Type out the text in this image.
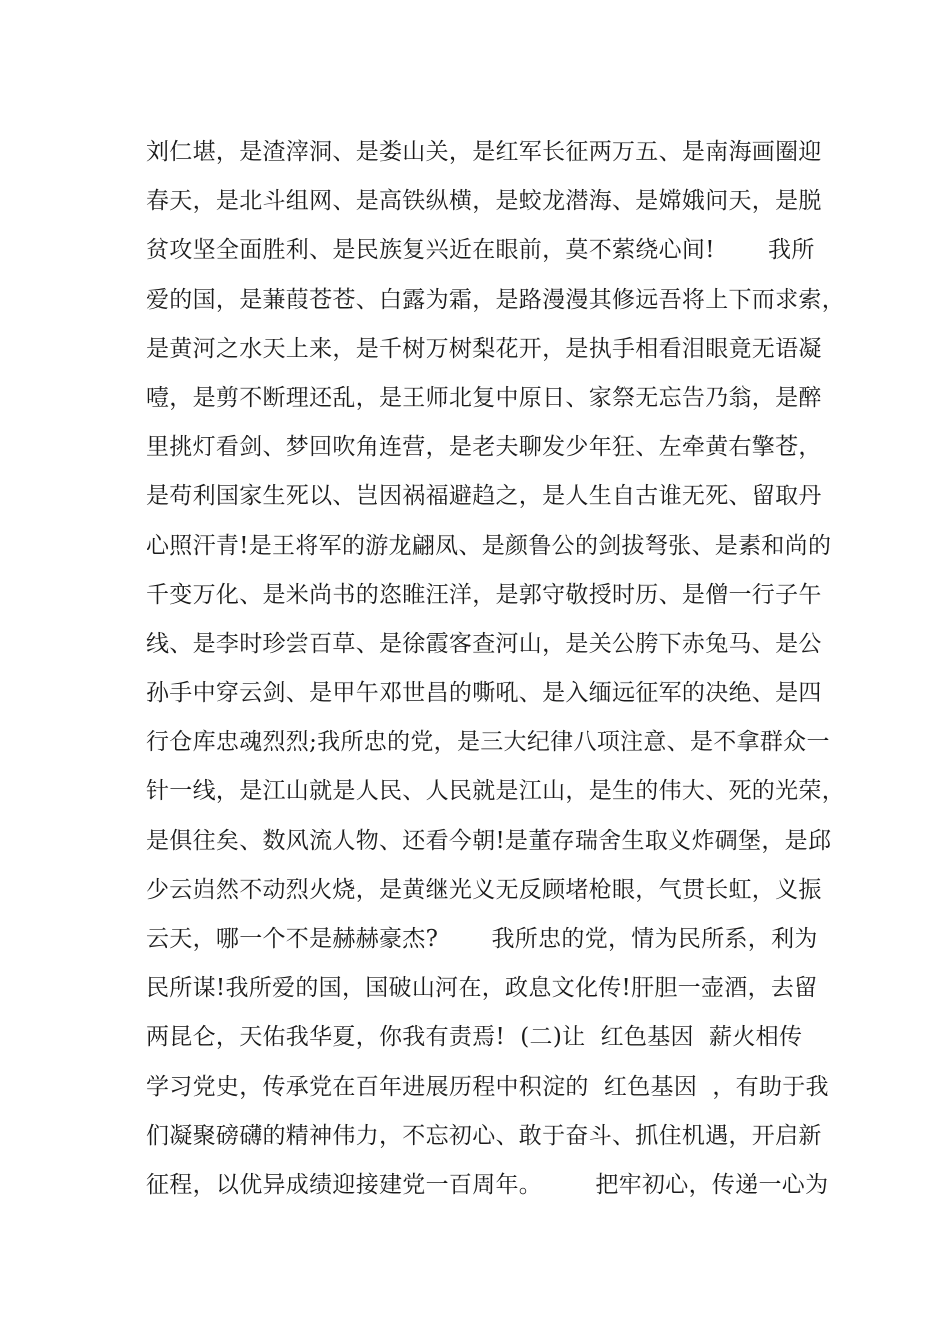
刘仁堪，是渣滓洞、是娄山关，是红军长征两万五、是南海画圈迎
春天，是北斗组网、是高铁纵横，是蛟龙潜海、是嫦娥问天，是脱
贫攻坚全面胜利、是民族复兴近在眼前，莫不萦绕心间!       我所
爱的国，是蒹葭苍苍、白露为霜，是路漫漫其修远吾将上下而求索，
是黄河之水天上来，是千树万树梨花开，是执手相看泪眼竟无语凝
噎，是剪不断理还乱，是王师北复中原日、家祭无忘告乃翁，是醉
里挑灯看剑、梦回吹角连营，是老夫聊发少年狂、左牵黄右擎苍，
是苟利国家生死以、岂因祸福避趋之，是人生自古谁无死、留取丹
心照汗青!是王将军的游龙翩凤、是颜鲁公的剑拔弩张、是素和尚的
千变万化、是米尚书的恣睢汪洋，是郭守敬授时历、是僧一行子午
线、是李时珍尝百草、是徐霞客查河山，是关公胯下赤兔马、是公
孙手中穿云剑、是甲午邓世昌的嘶吼、是入缅远征军的决绝、是四
行仓库忠魂烈烈;我所忠的党，是三大纪律八项注意、是不拿群众一
针一线，是江山就是人民、人民就是江山，是生的伟大、死的光荣，
是俱往矣、数风流人物、还看今朝!是董存瑞舍生取义炸碉堡，是邱
少云岿然不动烈火烧，是黄继光义无反顾堵枪眼，气贯长虹，义振
云天，哪一个不是赫赫豪杰?       我所忠的党，情为民所系，利为
民所谋!我所爱的国，国破山河在，政息文化传!肝胆一壶酒，去留
两昆仑，天佑我华夏，你我有责焉!  (二)让  红色基因  薪火相传
学习党史，传承党在百年进展历程中积淀的  红色基因  ，有助于我
们凝聚磅礴的精神伟力，不忘初心、敢于奋斗、抓住机遇，开启新
征程，以优异成绩迎接建党一百周年。       把牢初心，传递一心为
